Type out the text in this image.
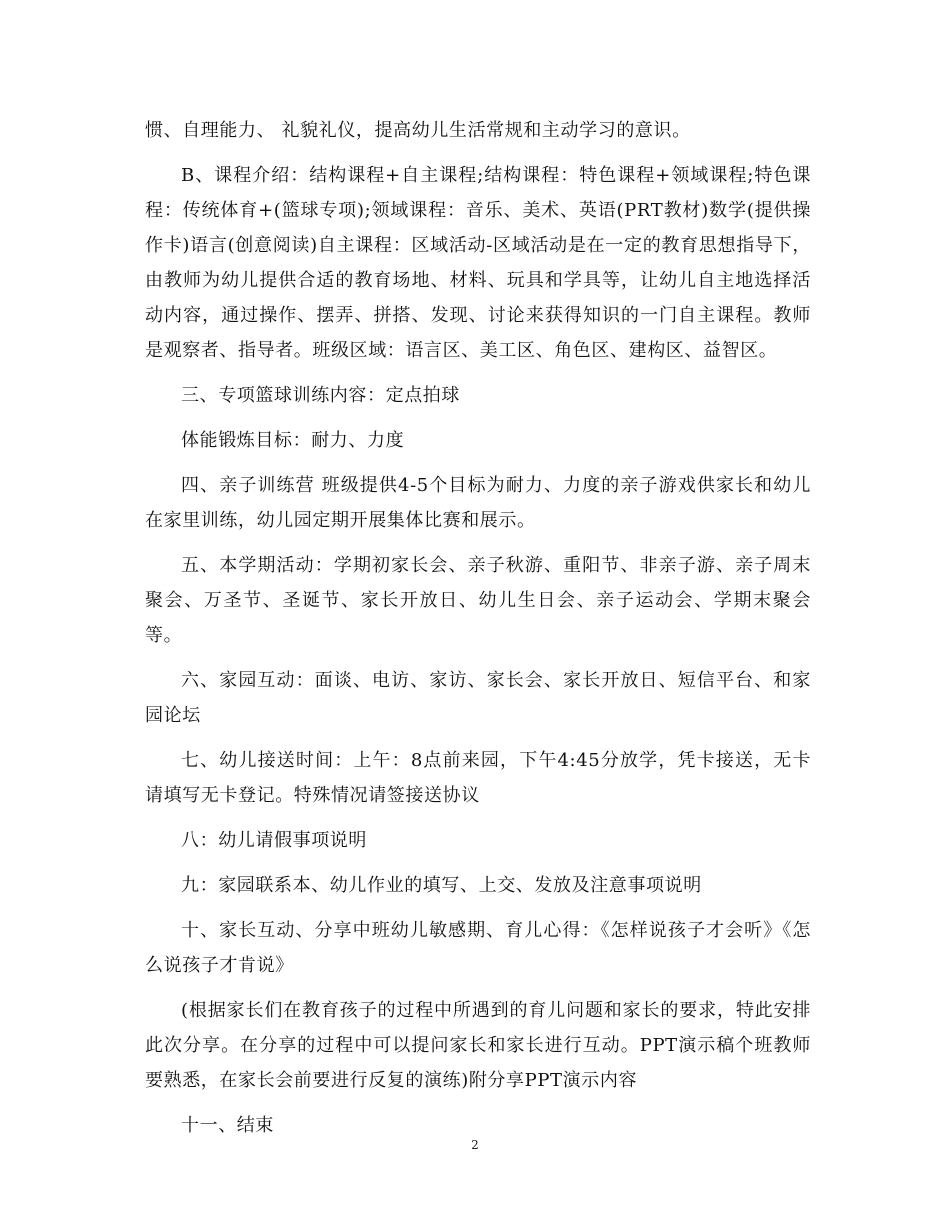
惯、自理能力、 礼貌礼仪，提高幼儿生活常规和主动学习的意识。

B、课程介绍：结构课程+自主课程;结构课程：特色课程+领域课程;特色课程：传统体育+(篮球专项);领域课程：音乐、美术、英语(PRT教材)数学(提供操作卡)语言(创意阅读)自主课程：区域活动-区域活动是在一定的教育思想指导下，由教师为幼儿提供合适的教育场地、材料、玩具和学具等，让幼儿自主地选择活动内容，通过操作、摆弄、拼搭、发现、讨论来获得知识的一门自主课程。教师是观察者、指导者。班级区域：语言区、美工区、角色区、建构区、益智区。

三、专项篮球训练内容：定点拍球

体能锻炼目标：耐力、力度

四、亲子训练营 班级提供4-5个目标为耐力、力度的亲子游戏供家长和幼儿在家里训练，幼儿园定期开展集体比赛和展示。

五、本学期活动：学期初家长会、亲子秋游、重阳节、非亲子游、亲子周末聚会、万圣节、圣诞节、家长开放日、幼儿生日会、亲子运动会、学期末聚会等。

六、家园互动：面谈、电访、家访、家长会、家长开放日、短信平台、和家园论坛

七、幼儿接送时间：上午：8点前来园，下午4:45分放学，凭卡接送，无卡请填写无卡登记。特殊情况请签接送协议

八：幼儿请假事项说明

九：家园联系本、幼儿作业的填写、上交、发放及注意事项说明

十、家长互动、分享中班幼儿敏感期、育儿心得：《怎样说孩子才会听》《怎么说孩子才肯说》

(根据家长们在教育孩子的过程中所遇到的育儿问题和家长的要求，特此安排此次分享。在分享的过程中可以提问家长和家长进行互动。PPT演示稿个班教师要熟悉，在家长会前要进行反复的演练)附分享PPT演示内容

十一、结束

2
